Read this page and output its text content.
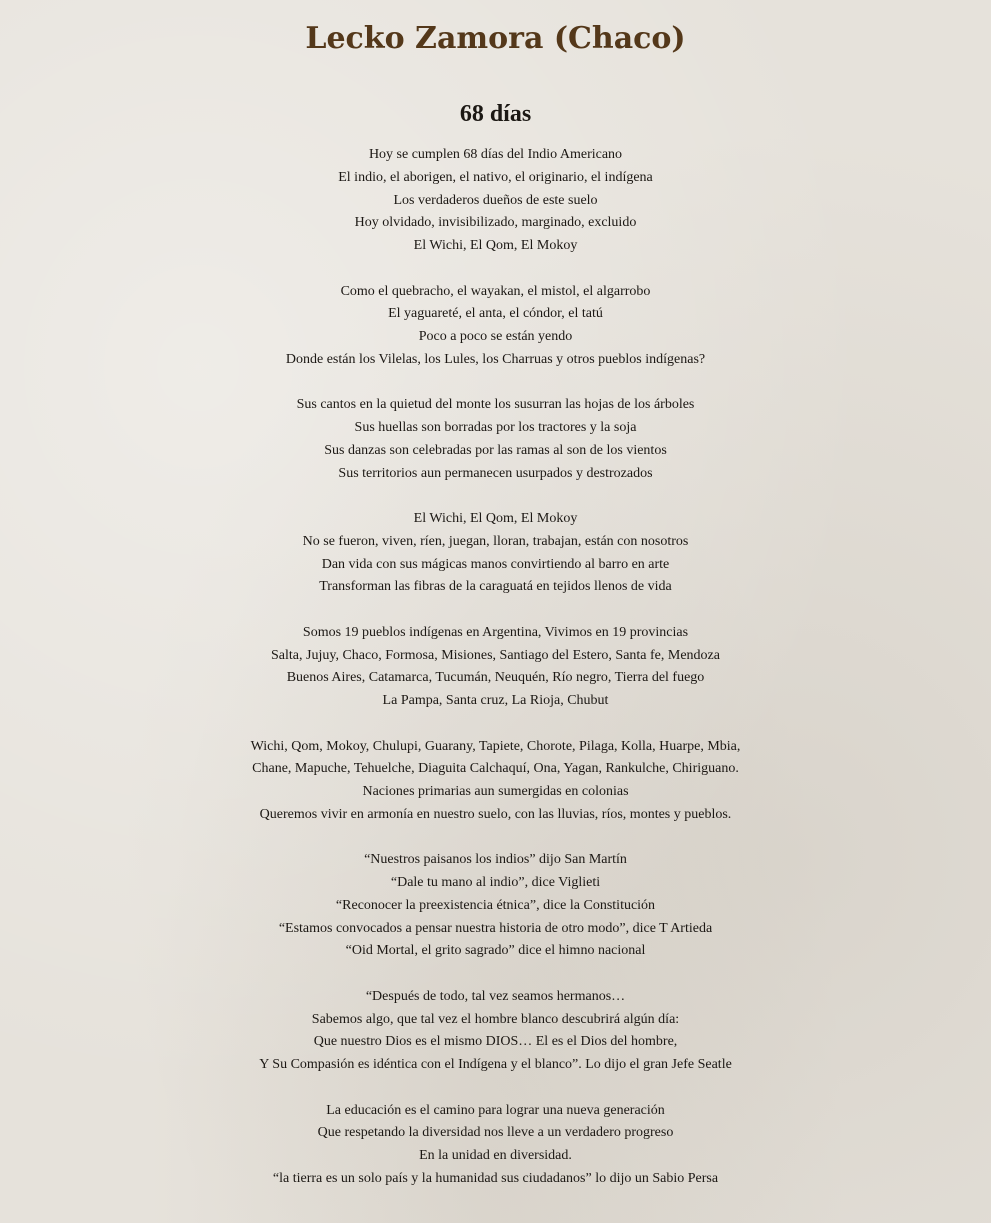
Lecko Zamora (Chaco)
68 días
Hoy se cumplen 68 días del Indio Americano
El indio, el aborigen, el nativo, el originario, el indígena
Los verdaderos dueños de este suelo
Hoy olvidado, invisibilizado, marginado, excluido
El Wichi, El Qom, El Mokoy
Como el quebracho, el wayakan, el mistol, el algarrobo
El yaguareté, el anta, el cóndor, el tatú
Poco a poco se están yendo
Donde están los Vilelas, los Lules, los Charruas y otros pueblos indígenas?
Sus cantos en la quietud del monte los susurran las hojas de los árboles
Sus huellas son borradas por los tractores y la soja
Sus danzas son celebradas por las ramas al son de los vientos
Sus territorios aun permanecen usurpados y destrozados
El Wichi, El Qom, El Mokoy
No se fueron, viven, ríen, juegan, lloran, trabajan, están con nosotros
Dan vida con sus mágicas manos convirtiendo al barro en arte
Transforman las fibras de la caraguatá en tejidos llenos de vida
Somos 19 pueblos indígenas en Argentina, Vivimos en 19 provincias
Salta, Jujuy, Chaco, Formosa, Misiones, Santiago del Estero, Santa fe, Mendoza
Buenos Aires, Catamarca, Tucumán, Neuquén, Río negro, Tierra del fuego
La Pampa, Santa cruz, La Rioja, Chubut
Wichi, Qom, Mokoy, Chulupi, Guarany, Tapiete, Chorote, Pilaga, Kolla, Huarpe, Mbia,
Chane, Mapuche, Tehuelche, Diaguita Calchaquí, Ona, Yagan, Rankulche, Chiriguano.
Naciones primarias aun sumergidas en colonias
Queremos vivir en armonía en nuestro suelo, con las lluvias, ríos, montes y pueblos.
“Nuestros paisanos los indios” dijo San Martín
“Dale tu mano al indio”, dice Viglieti
“Reconocer la preexistencia étnica”, dice la Constitución
“Estamos convocados a pensar nuestra historia de otro modo”, dice T Artieda
“Oid Mortal, el grito sagrado” dice el himno nacional
“Después de todo, tal vez seamos hermanos…
Sabemos algo, que tal vez el hombre blanco descubrirá algún día:
Que nuestro Dios es el mismo DIOS… El es el Dios del hombre,
Y Su Compasión es idéntica con el Indígena y el blanco”. Lo dijo el gran Jefe Seatle
La educación es el camino para lograr una nueva generación
Que respetando la diversidad nos lleve a un verdadero progreso
En la unidad en diversidad.
“la tierra es un solo país y la humanidad sus ciudadanos” lo dijo un Sabio Persa
